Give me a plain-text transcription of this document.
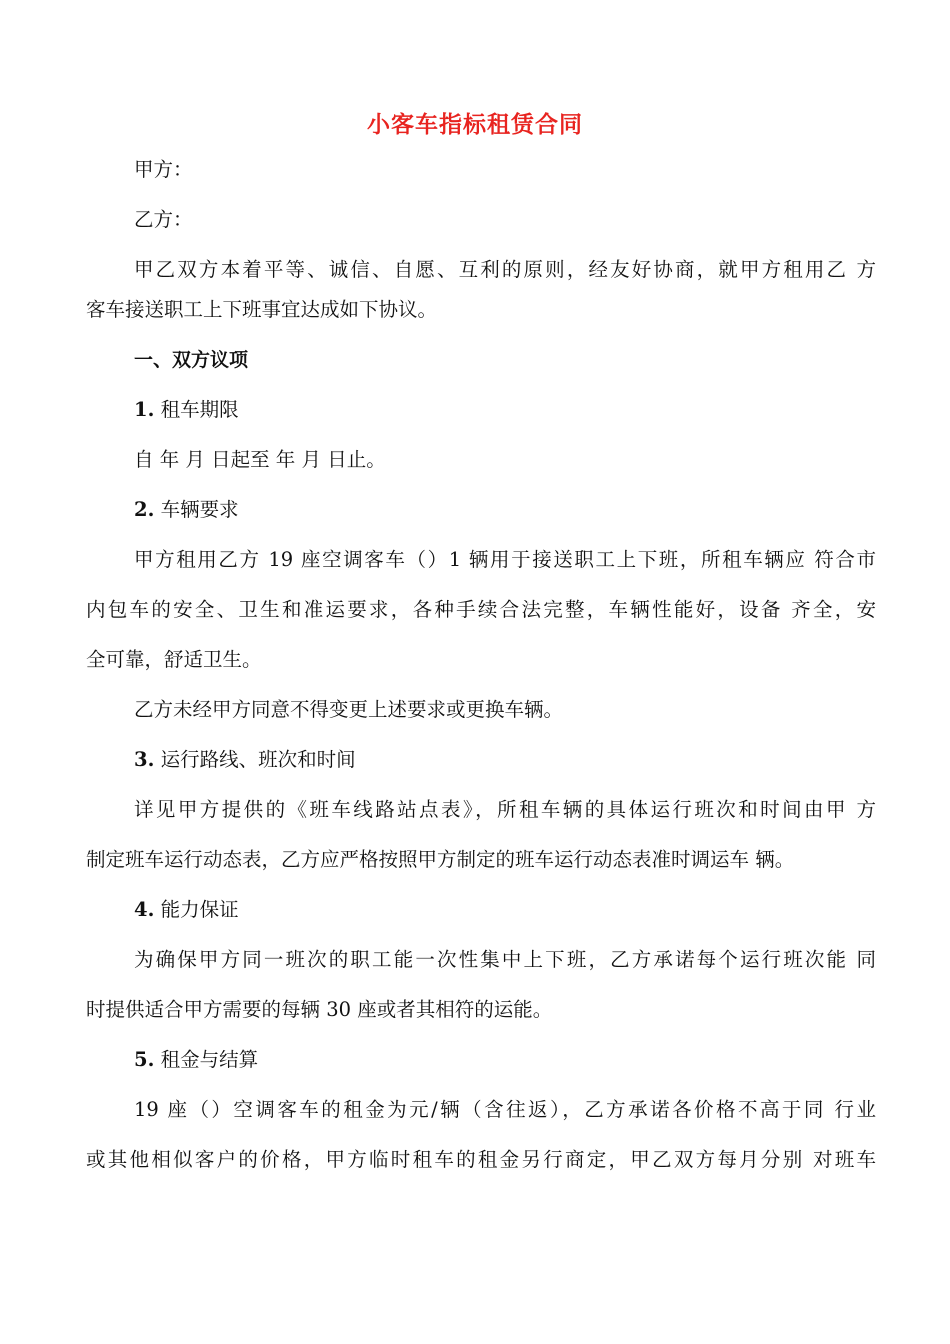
小客车指标租赁合同
甲方：
乙方：
甲乙双方本着平等、诚信、自愿、互利的原则，经友好协商，就甲方租用乙 方
客车接送职工上下班事宜达成如下协议。
一、双方议项
1. 租车期限
自 年 月 日起至 年 月 日止。
2. 车辆要求
甲方租用乙方 19 座空调客车（）1 辆用于接送职工上下班，所租车辆应 符合市
内包车的安全、卫生和准运要求，各种手续合法完整，车辆性能好，设备 齐全，安
全可靠，舒适卫生。
乙方未经甲方同意不得变更上述要求或更换车辆。
3. 运行路线、班次和时间
详见甲方提供的《班车线路站点表》，所租车辆的具体运行班次和时间由甲 方
制定班车运行动态表，乙方应严格按照甲方制定的班车运行动态表准时调运车 辆。
4. 能力保证
为确保甲方同一班次的职工能一次性集中上下班，乙方承诺每个运行班次能 同
时提供适合甲方需要的每辆 30 座或者其相符的运能。
5. 租金与结算
19 座（）空调客车的租金为元/辆（含往返），乙方承诺各价格不高于同 行业
或其他相似客户的价格，甲方临时租车的租金另行商定，甲乙双方每月分别 对班车
